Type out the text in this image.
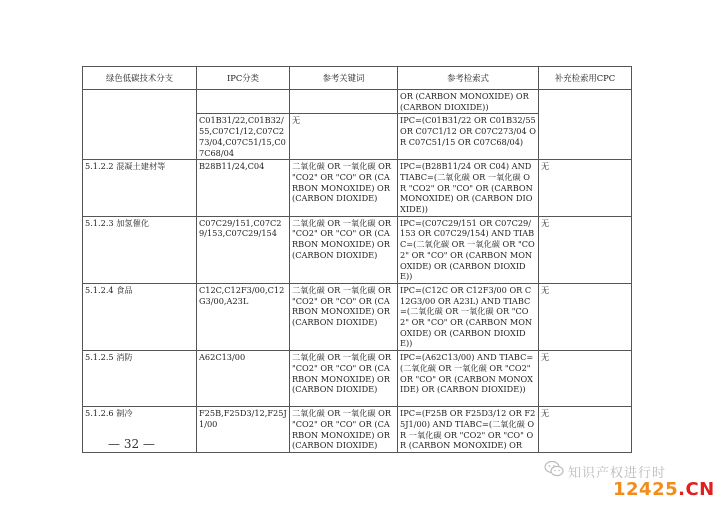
绿色低碳技术分支	IPC分类	参考关键词	参考检索式	补充检索用CPC
			OR (CARBON MONOXIDE) OR (CARBON DIOXIDE))	
	C01B31/22,C01B32/55,C07C1/12,C07C273/04,C07C51/15,C07C68/04	无	IPC=(C01B31/22 OR C01B32/55 OR C07C1/12 OR C07C273/04 OR C07C51/15 OR C07C68/04)	
5.1.2.2 混凝土建材等	B28B11/24,C04	二氧化碳 OR 一氧化碳 OR "CO2" OR "CO" OR (CARBON MONOXIDE) OR (CARBON DIOXIDE)	IPC=(B28B11/24 OR C04) AND TIABC=(二氧化碳 OR 一氧化碳 OR "CO2" OR "CO" OR (CARBON MONOXIDE) OR (CARBON DIOXIDE))	无
5.1.2.3 加氢催化	C07C29/151,C07C29/153,C07C29/154	二氧化碳 OR 一氧化碳 OR "CO2" OR "CO" OR (CARBON MONOXIDE) OR (CARBON DIOXIDE)	IPC=(C07C29/151 OR C07C29/153 OR C07C29/154) AND TIABC=(二氧化碳 OR 一氧化碳 OR "CO2" OR "CO" OR (CARBON MONOXIDE) OR (CARBON DIOXIDE))	无
5.1.2.4 食品	C12C,C12F3/00,C12G3/00,A23L	二氧化碳 OR 一氧化碳 OR "CO2" OR "CO" OR (CARBON MONOXIDE) OR (CARBON DIOXIDE)	IPC=(C12C OR C12F3/00 OR C12G3/00 OR A23L) AND TIABC=(二氧化碳 OR 一氧化碳 OR "CO2" OR "CO" OR (CARBON MONOXIDE) OR (CARBON DIOXIDE))	无
5.1.2.5 消防	A62C13/00	二氧化碳 OR 一氧化碳 OR "CO2" OR "CO" OR (CARBON MONOXIDE) OR (CARBON DIOXIDE)	IPC=(A62C13/00) AND TIABC=(二氧化碳 OR 一氧化碳 OR "CO2" OR "CO" OR (CARBON MONOXIDE) OR (CARBON DIOXIDE))	无
5.1.2.6 制冷	F25B,F25D3/12,F25J1/00	二氧化碳 OR 一氧化碳 OR "CO2" OR "CO" OR (CARBON MONOXIDE) OR (CARBON DIOXIDE)	IPC=(F25B OR F25D3/12 OR F25J1/00) AND TIABC=(二氧化碳 OR 一氧化碳 OR "CO2" OR "CO" OR (CARBON MONOXIDE) OR	无
— 32 —
知识产权进行时
12425.CN
